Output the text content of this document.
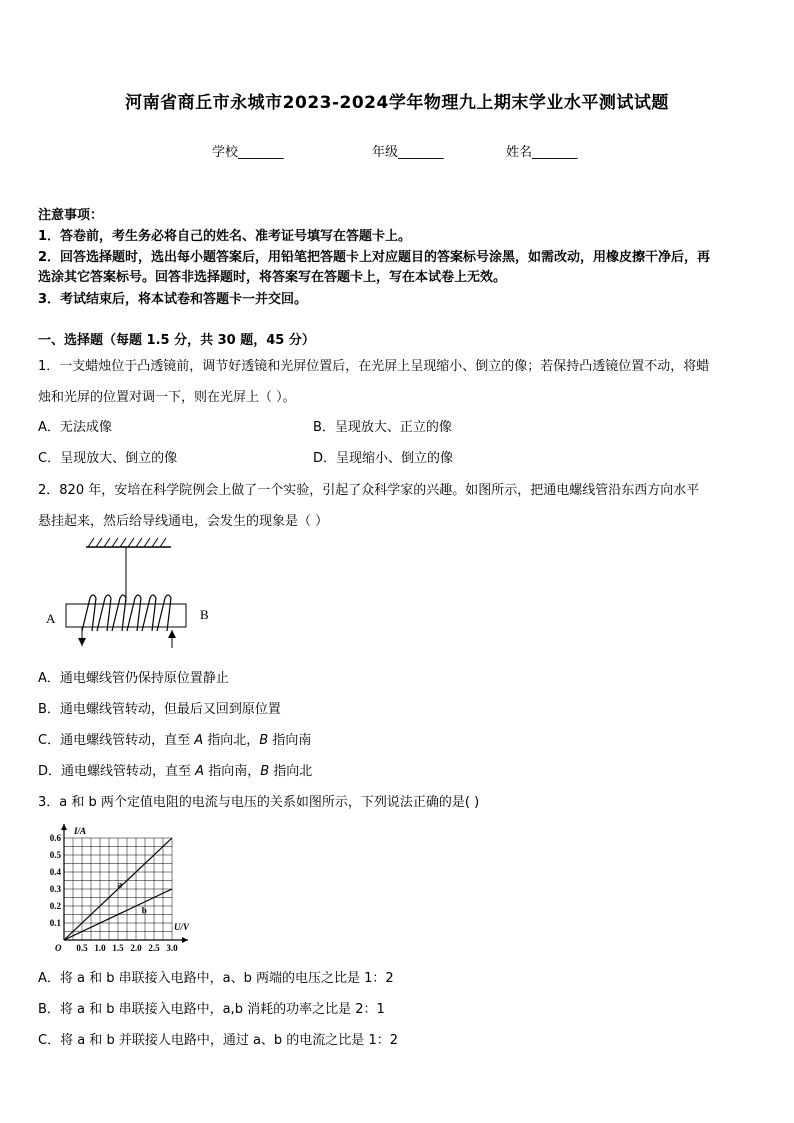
河南省商丘市永城市2023-2024学年物理九上期末学业水平测试试题
学校_______	年级_______	姓名_______
注意事项：
1．答卷前，考生务必将自己的姓名、准考证号填写在答题卡上。
2．回答选择题时，选出每小题答案后，用铅笔把答题卡上对应题目的答案标号涂黑，如需改动，用橡皮擦干净后，再
选涂其它答案标号。回答非选择题时，将答案写在答题卡上，写在本试卷上无效。
3．考试结束后，将本试卷和答题卡一并交回。
一、选择题（每题 1.5 分，共 30 题，45 分）
1．一支蜡烛位于凸透镜前，调节好透镜和光屏位置后，在光屏上呈现缩小、倒立的像；若保持凸透镜位置不动，将蜡
烛和光屏的位置对调一下，则在光屏上（ ）。
A．无法成像	B．呈现放大、正立的像
C．呈现放大、倒立的像	D．呈现缩小、倒立的像
2．820 年，安培在科学院例会上做了一个实验，引起了众科学家的兴趣。如图所示，把通电螺线管沿东西方向水平
悬挂起来，然后给导线通电，会发生的现象是（ ）
A	B
A．通电螺线管仍保持原位置静止
B．通电螺线管转动，但最后又回到原位置
C．通电螺线管转动，直至 A 指向北，B 指向南
D．通电螺线管转动，直至 A 指向南，B 指向北
3．a 和 b 两个定值电阻的电流与电压的关系如图所示，下列说法正确的是( )
0.5 1.0 1.5 2.0 2.5 3.0
0.1
0.2
0.3
0.4
0.5
0.6
O
I/A
U/V
a
b
A．将 a 和 b 串联接入电路中，a、b 两端的电压之比是 1：2
B．将 a 和 b 串联接入电路中，a,b 消耗的功率之比是 2：1
C．将 a 和 b 并联接人电路中，通过 a、b 的电流之比是 1：2
